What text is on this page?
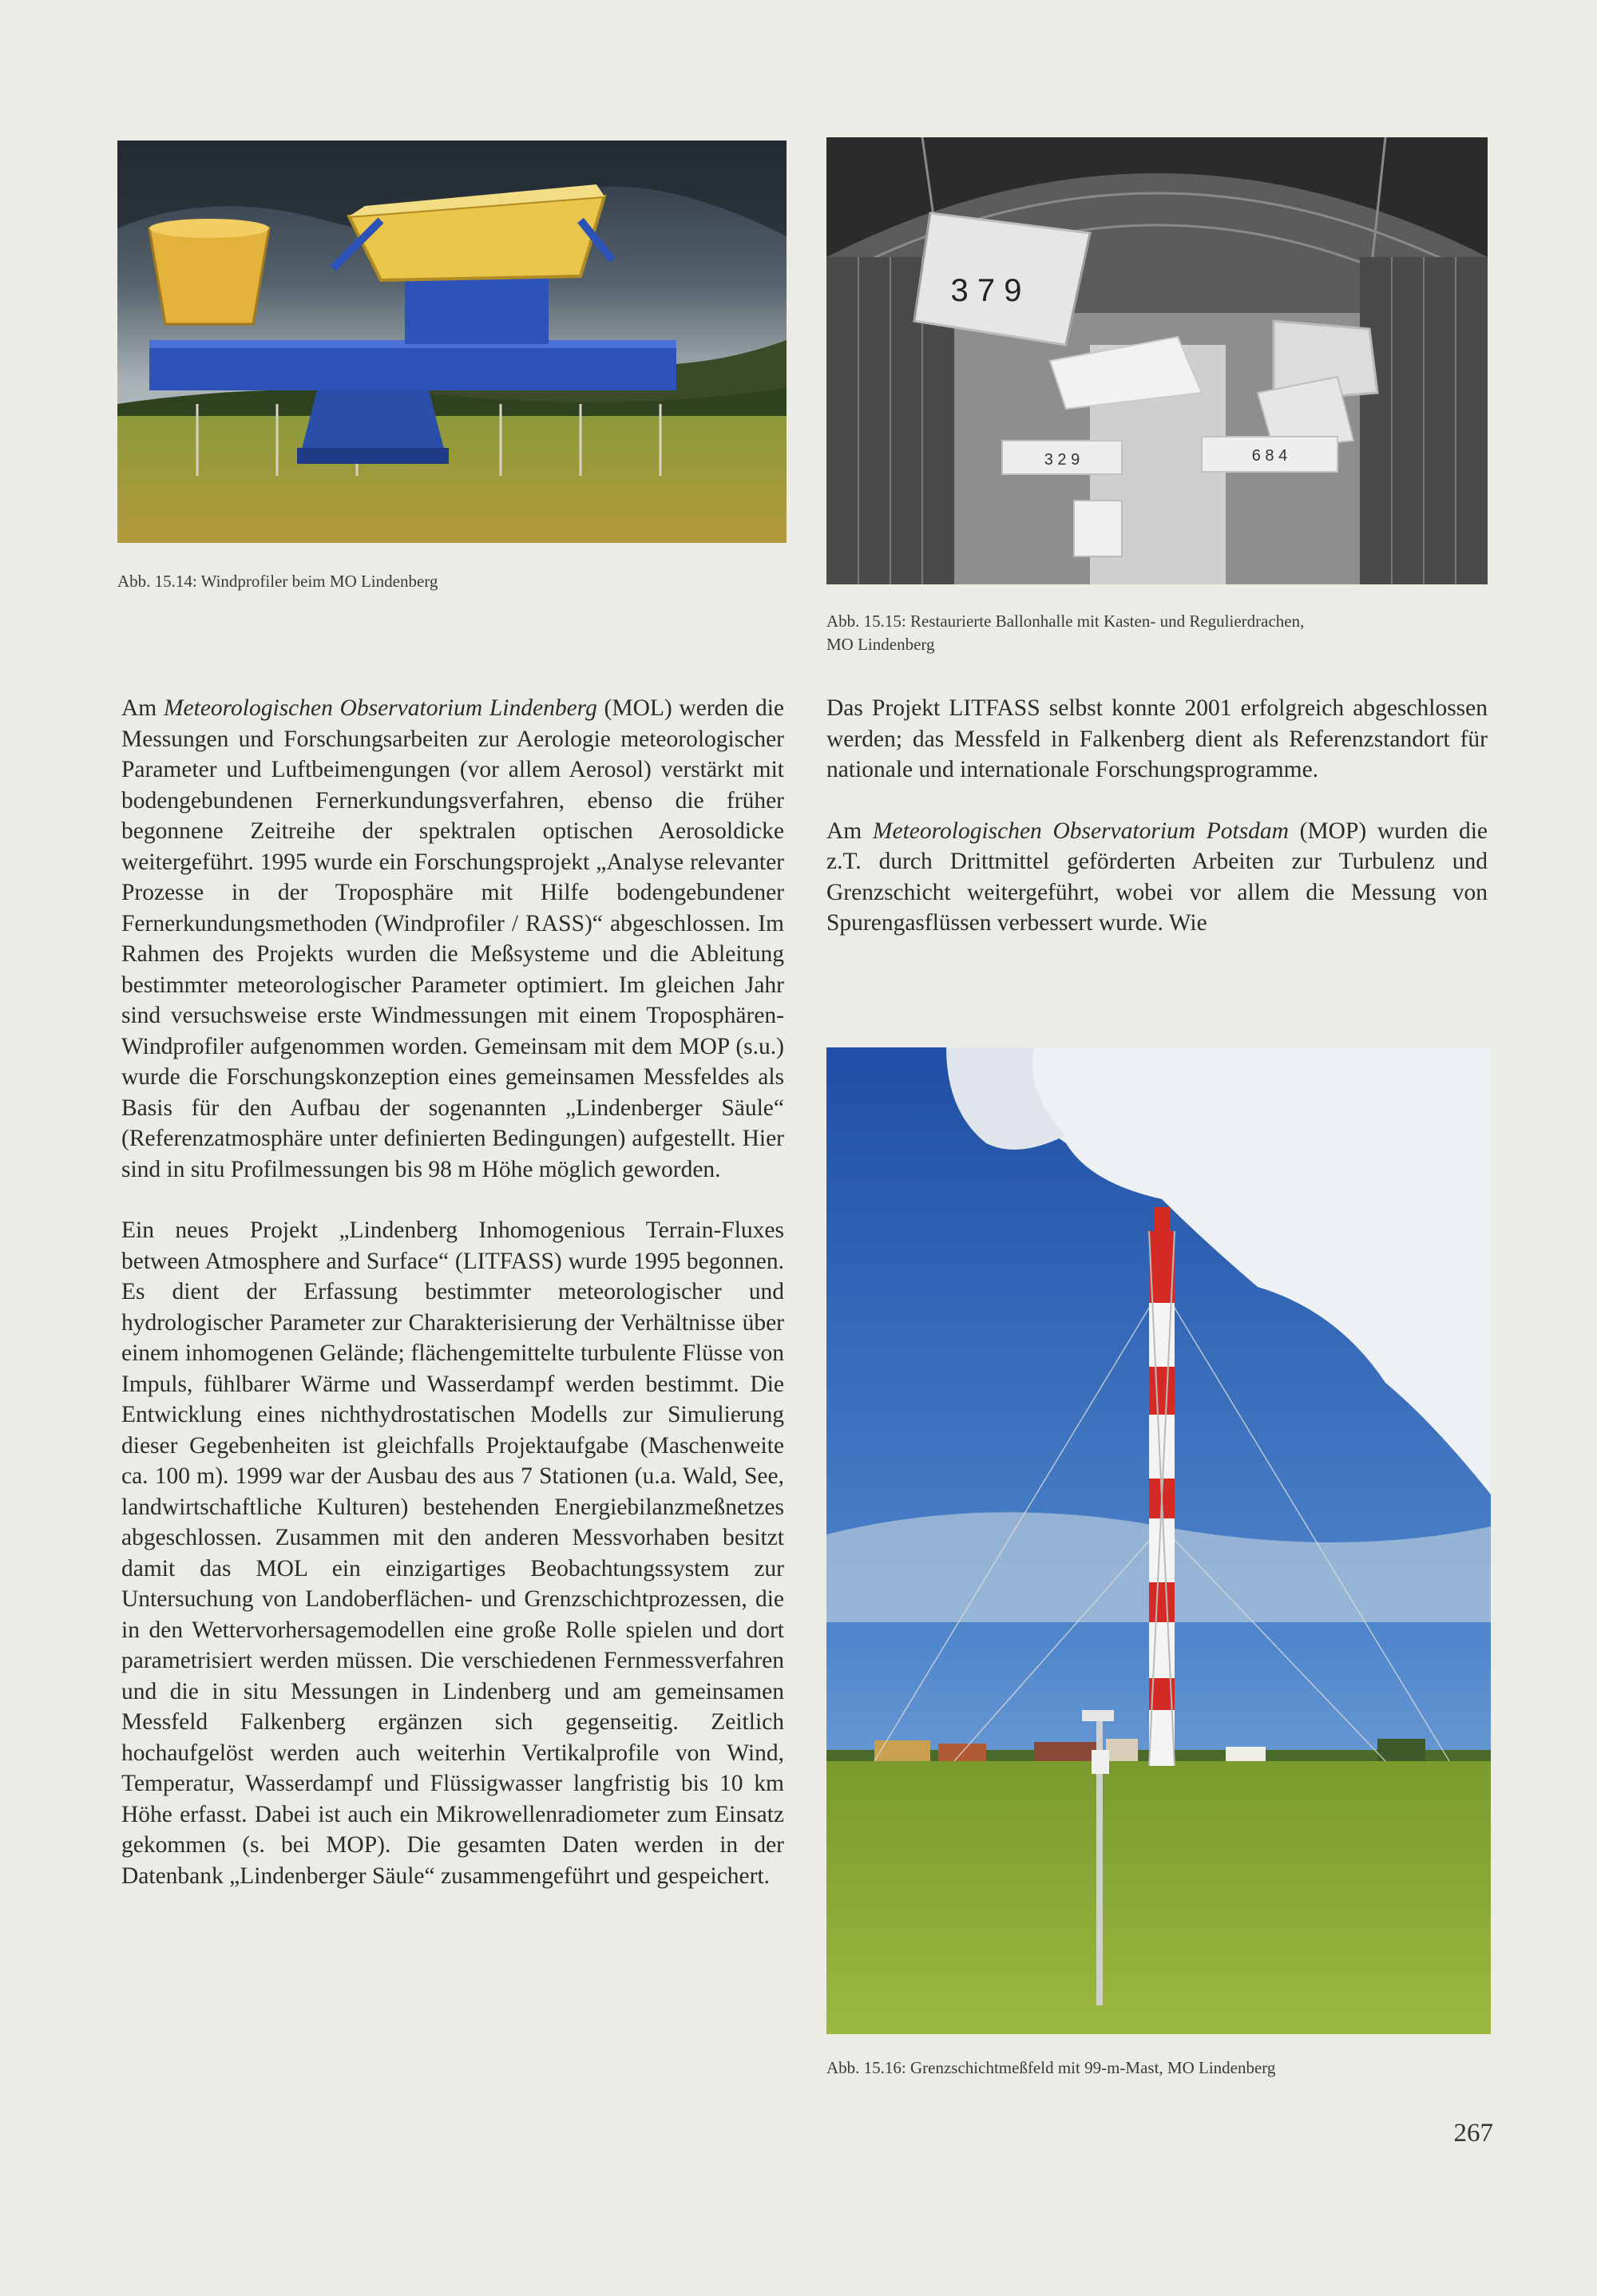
Abb. 15.14: Windprofiler beim MO Lindenberg

3 7 9
3 2 9	6 8 4

Abb. 15.15: Restaurierte Ballonhalle mit Kasten- und Regulierdrachen,
MO Lindenberg

Am Meteorologischen Observatorium Lindenberg (MOL) werden die Messungen und Forschungsarbeiten zur Aerologie meteorologischer Parameter und Luftbeimengungen (vor allem Aerosol) verstärkt mit bodengebundenen Fernerkundungsverfahren, ebenso die früher begonnene Zeitreihe der spektralen optischen Aerosoldicke weitergeführt. 1995 wurde ein Forschungsprojekt „Analyse relevanter Prozesse in der Troposphäre mit Hilfe bodengebundener Fernerkundungsmethoden (Windprofiler / RASS)“ abgeschlossen. Im Rahmen des Projekts wurden die Meßsysteme und die Ableitung bestimmter meteorologischer Parameter optimiert. Im gleichen Jahr sind versuchsweise erste Windmessungen mit einem Troposphären-Windprofiler aufgenommen worden. Gemeinsam mit dem MOP (s.u.) wurde die Forschungskonzeption eines gemeinsamen Messfeldes als Basis für den Aufbau der sogenannten „Lindenberger Säule“ (Referenzatmosphäre unter definierten Bedingungen) aufgestellt. Hier sind in situ Profilmessungen bis 98 m Höhe möglich geworden.

Ein neues Projekt „Lindenberg Inhomogenious Terrain-Fluxes between Atmosphere and Surface“ (LITFASS) wurde 1995 begonnen. Es dient der Erfassung bestimmter meteorologischer und hydrologischer Parameter zur Charakterisierung der Verhältnisse über einem inhomogenen Gelände; flächengemittelte turbulente Flüsse von Impuls, fühlbarer Wärme und Wasserdampf werden bestimmt. Die Entwicklung eines nichthydrostatischen Modells zur Simulierung dieser Gegebenheiten ist gleichfalls Projektaufgabe (Maschenweite ca. 100 m). 1999 war der Ausbau des aus 7 Stationen (u.a. Wald, See, landwirtschaftliche Kulturen) bestehenden Energiebilanzmeßnetzes abgeschlossen. Zusammen mit den anderen Messvorhaben besitzt damit das MOL ein einzigartiges Beobachtungssystem zur Untersuchung von Landoberflächen- und Grenzschichtprozessen, die in den Wettervorhersagemodellen eine große Rolle spielen und dort parametrisiert werden müssen. Die verschiedenen Fernmessverfahren und die in situ Messungen in Lindenberg und am gemeinsamen Messfeld Falkenberg ergänzen sich gegenseitig. Zeitlich hochaufgelöst werden auch weiterhin Vertikalprofile von Wind, Temperatur, Wasserdampf und Flüssigwasser langfristig bis 10 km Höhe erfasst. Dabei ist auch ein Mikrowellenradiometer zum Einsatz gekommen (s. bei MOP). Die gesamten Daten werden in der Datenbank „Lindenberger Säule“ zusammengeführt und gespeichert.

Das Projekt LITFASS selbst konnte 2001 erfolgreich abgeschlossen werden; das Messfeld in Falkenberg dient als Referenzstandort für nationale und internationale Forschungsprogramme.

Am Meteorologischen Observatorium Potsdam (MOP) wurden die z.T. durch Drittmittel geförderten Arbeiten zur Turbulenz und Grenzschicht weitergeführt, wobei vor allem die Messung von Spurengasflüssen verbessert wurde. Wie

Abb. 15.16: Grenzschichtmeßfeld mit 99-m-Mast, MO Lindenberg

267
